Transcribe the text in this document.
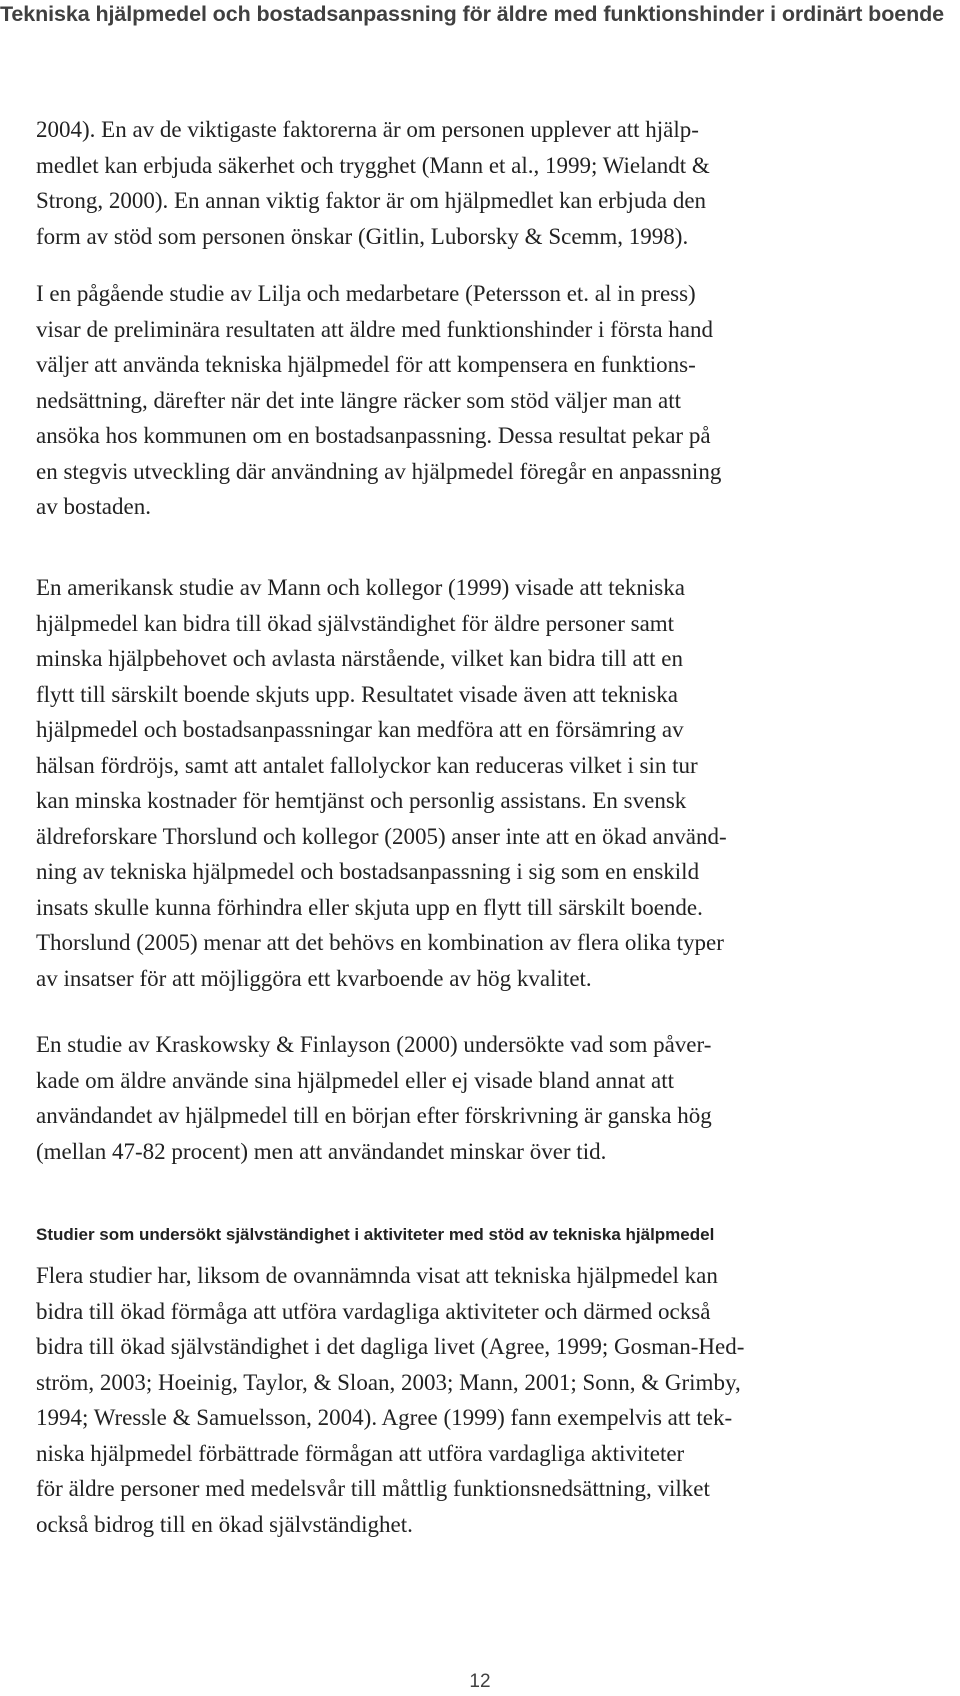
Tekniska hjälpmedel och bostadsanpassning för äldre med funktionshinder i ordinärt boende

2004). En av de viktigaste faktorerna är om personen upplever att hjälp-
medlet kan erbjuda säkerhet och trygghet (Mann et al., 1999; Wielandt &
Strong, 2000). En annan viktig faktor är om hjälpmedlet kan erbjuda den
form av stöd som personen önskar (Gitlin, Luborsky & Scemm, 1998).

I en pågående studie av Lilja och medarbetare (Petersson et. al in press)
visar de preliminära resultaten att äldre med funktionshinder i första hand
väljer att använda tekniska hjälpmedel för att kompensera en funktions-
nedsättning, därefter när det inte längre räcker som stöd väljer man att
ansöka hos kommunen om en bostadsanpassning. Dessa resultat pekar på
en stegvis utveckling där användning av hjälpmedel föregår en anpassning
av bostaden.

En amerikansk studie av Mann och kollegor (1999) visade att tekniska
hjälpmedel kan bidra till ökad självständighet för äldre personer samt
minska hjälpbehovet och avlasta närstående, vilket kan bidra till att en
flytt till särskilt boende skjuts upp. Resultatet visade även att tekniska
hjälpmedel och bostadsanpassningar kan medföra att en försämring av
hälsan fördröjs, samt att antalet fallolyckor kan reduceras vilket i sin tur
kan minska kostnader för hemtjänst och personlig assistans. En svensk
äldreforskare Thorslund och kollegor (2005) anser inte att en ökad använd-
ning av tekniska hjälpmedel och bostadsanpassning i sig som en enskild
insats skulle kunna förhindra eller skjuta upp en flytt till särskilt boende.
Thorslund (2005) menar att det behövs en kombination av flera olika typer
av insatser för att möjliggöra ett kvarboende av hög kvalitet.

En studie av Kraskowsky & Finlayson (2000) undersökte vad som påver-
kade om äldre använde sina hjälpmedel eller ej visade bland annat att
användandet av hjälpmedel till en början efter förskrivning är ganska hög
(mellan 47-82 procent) men att användandet minskar över tid.

Studier som undersökt självständighet i aktiviteter med stöd av tekniska hjälpmedel

Flera studier har, liksom de ovannämnda visat att tekniska hjälpmedel kan
bidra till ökad förmåga att utföra vardagliga aktiviteter och därmed också
bidra till ökad självständighet i det dagliga livet (Agree, 1999; Gosman-Hed-
ström, 2003; Hoeinig, Taylor, & Sloan, 2003; Mann, 2001; Sonn, & Grimby,
1994; Wressle & Samuelsson, 2004). Agree (1999) fann exempelvis att tek-
niska hjälpmedel förbättrade förmågan att utföra vardagliga aktiviteter
för äldre personer med medelsvår till måttlig funktionsnedsättning, vilket
också bidrog till en ökad självständighet.

12
